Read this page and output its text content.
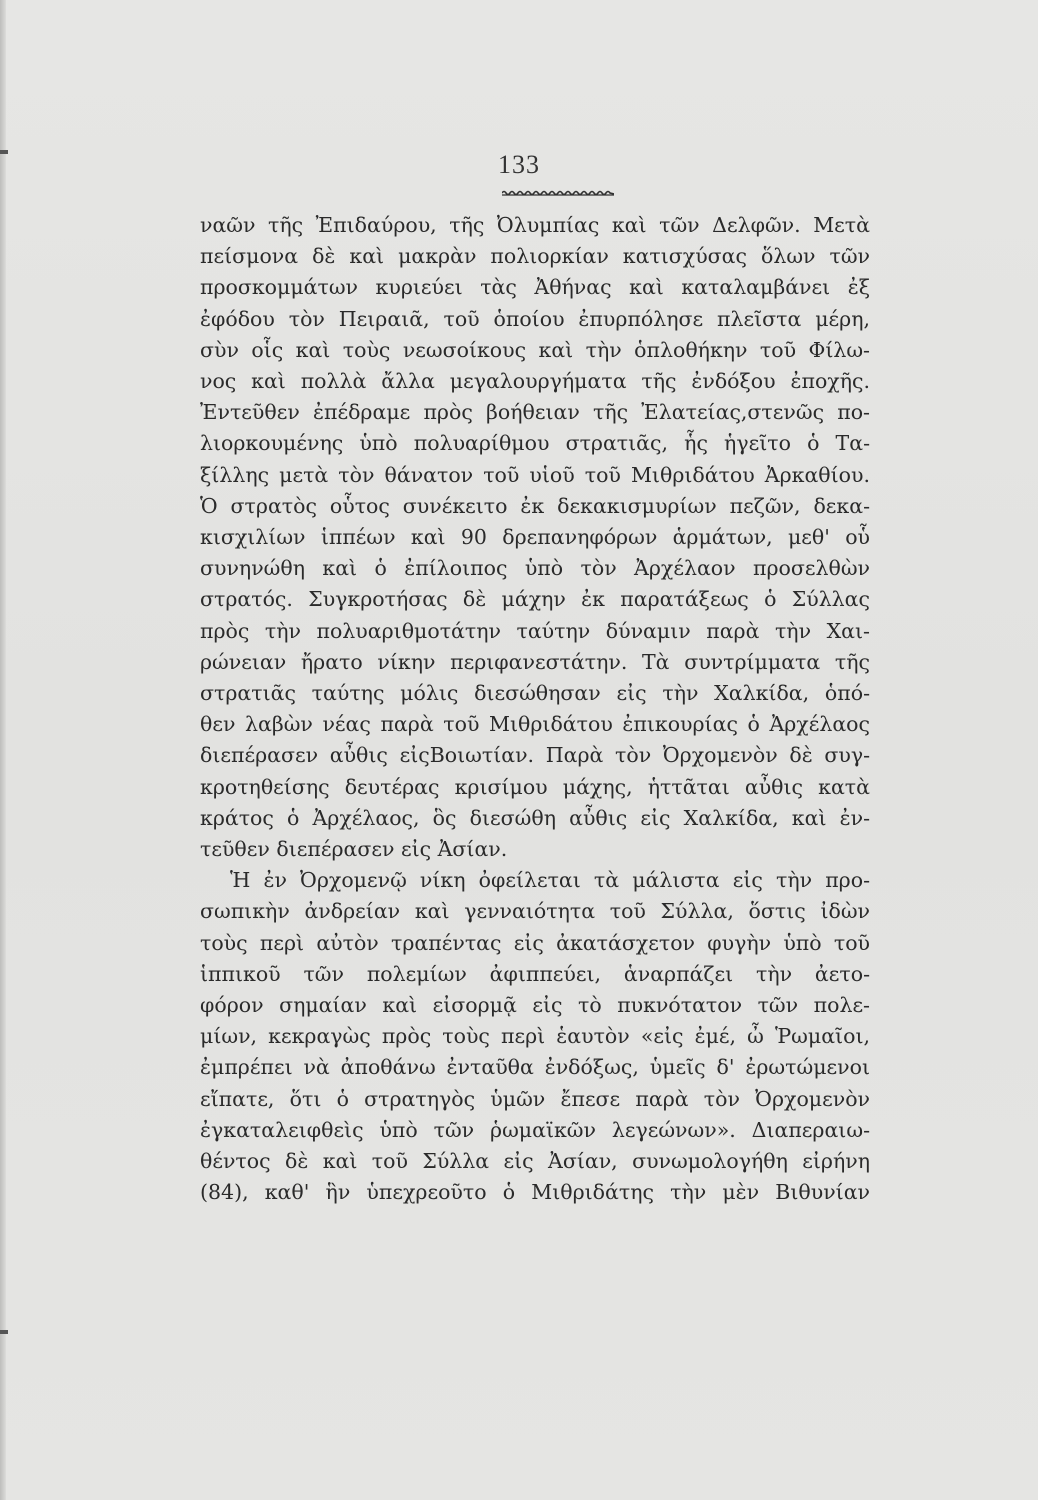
133
ναῶν τῆς Ἐπιδαύρου, τῆς Ὀλυμπίας καὶ τῶν Δελφῶν. Μετὰ
πείσμονα δὲ καὶ μακρὰν πολιορκίαν κατισχύσας ὅλων τῶν
προσκομμάτων κυριεύει τὰς Ἀθήνας καὶ καταλαμβάνει ἐξ
ἐφόδου τὸν Πειραιᾶ, τοῦ ὁποίου ἐπυρπόλησε πλεῖστα μέρη,
σὺν οἷς καὶ τοὺς νεωσοίκους καὶ τὴν ὁπλοθήκην τοῦ Φίλω-
νος καὶ πολλὰ ἄλλα μεγαλουργήματα τῆς ἐνδόξου ἐποχῆς.
Ἐντεῦθεν ἐπέδραμε πρὸς βοήθειαν τῆς Ἐλατείας,στενῶς πο-
λιορκουμένης ὑπὸ πολυαρίθμου στρατιᾶς, ἧς ἡγεῖτο ὁ Τα-
ξίλλης μετὰ τὸν θάνατον τοῦ υἱοῦ τοῦ Μιθριδάτου Ἀρκαθίου.
Ὁ στρατὸς οὗτος συνέκειτο ἐκ δεκακισμυρίων πεζῶν, δεκα-
κισχιλίων ἱππέων καὶ 90 δρεπανηφόρων ἁρμάτων, μεθ' οὗ
συνηνώθη καὶ ὁ ἐπίλοιπος ὑπὸ τὸν Ἀρχέλαον προσελθὼν
στρατός. Συγκροτήσας δὲ μάχην ἐκ παρατάξεως ὁ Σύλλας
πρὸς τὴν πολυαριθμοτάτην ταύτην δύναμιν παρὰ τὴν Χαι-
ρώνειαν ἤρατο νίκην περιφανεστάτην. Τὰ συντρίμματα τῆς
στρατιᾶς ταύτης μόλις διεσώθησαν εἰς τὴν Χαλκίδα, ὁπό-
θεν λαβὼν νέας παρὰ τοῦ Μιθριδάτου ἐπικουρίας ὁ Ἀρχέλαος
διεπέρασεν αὖθις εἰςΒοιωτίαν. Παρὰ τὸν Ὀρχομενὸν δὲ συγ-
κροτηθείσης δευτέρας κρισίμου μάχης, ἡττᾶται αὖθις κατὰ
κράτος ὁ Ἀρχέλαος, ὃς διεσώθη αὖθις εἰς Χαλκίδα, καὶ ἐν-
τεῦθεν διεπέρασεν εἰς Ἀσίαν.
Ἡ ἐν Ὀρχομενῷ νίκη ὀφείλεται τὰ μάλιστα εἰς τὴν προ-
σωπικὴν ἀνδρείαν καὶ γενναιότητα τοῦ Σύλλα, ὅστις ἰδὼν
τοὺς περὶ αὐτὸν τραπέντας εἰς ἀκατάσχετον φυγὴν ὑπὸ τοῦ
ἱππικοῦ τῶν πολεμίων ἀφιππεύει, ἁναρπάζει τὴν ἀετο-
φόρον σημαίαν καὶ εἰσορμᾷ εἰς τὸ πυκνότατον τῶν πολε-
μίων, κεκραγὼς πρὸς τοὺς περὶ ἑαυτὸν «εἰς ἐμέ, ὦ Ῥωμαῖοι,
ἐμπρέπει νὰ ἀποθάνω ἐνταῦθα ἐνδόξως, ὑμεῖς δ' ἐρωτώμενοι
εἴπατε, ὅτι ὁ στρατηγὸς ὑμῶν ἔπεσε παρὰ τὸν Ὀρχομενὸν
ἐγκαταλειφθεὶς ὑπὸ τῶν ῥωμαϊκῶν λεγεώνων». Διαπεραιω-
θέντος δὲ καὶ τοῦ Σύλλα εἰς Ἀσίαν, συνωμολογήθη εἰρήνη
(84), καθ' ἣν ὑπεχρεοῦτο ὁ Μιθριδάτης τὴν μὲν Βιθυνίαν
